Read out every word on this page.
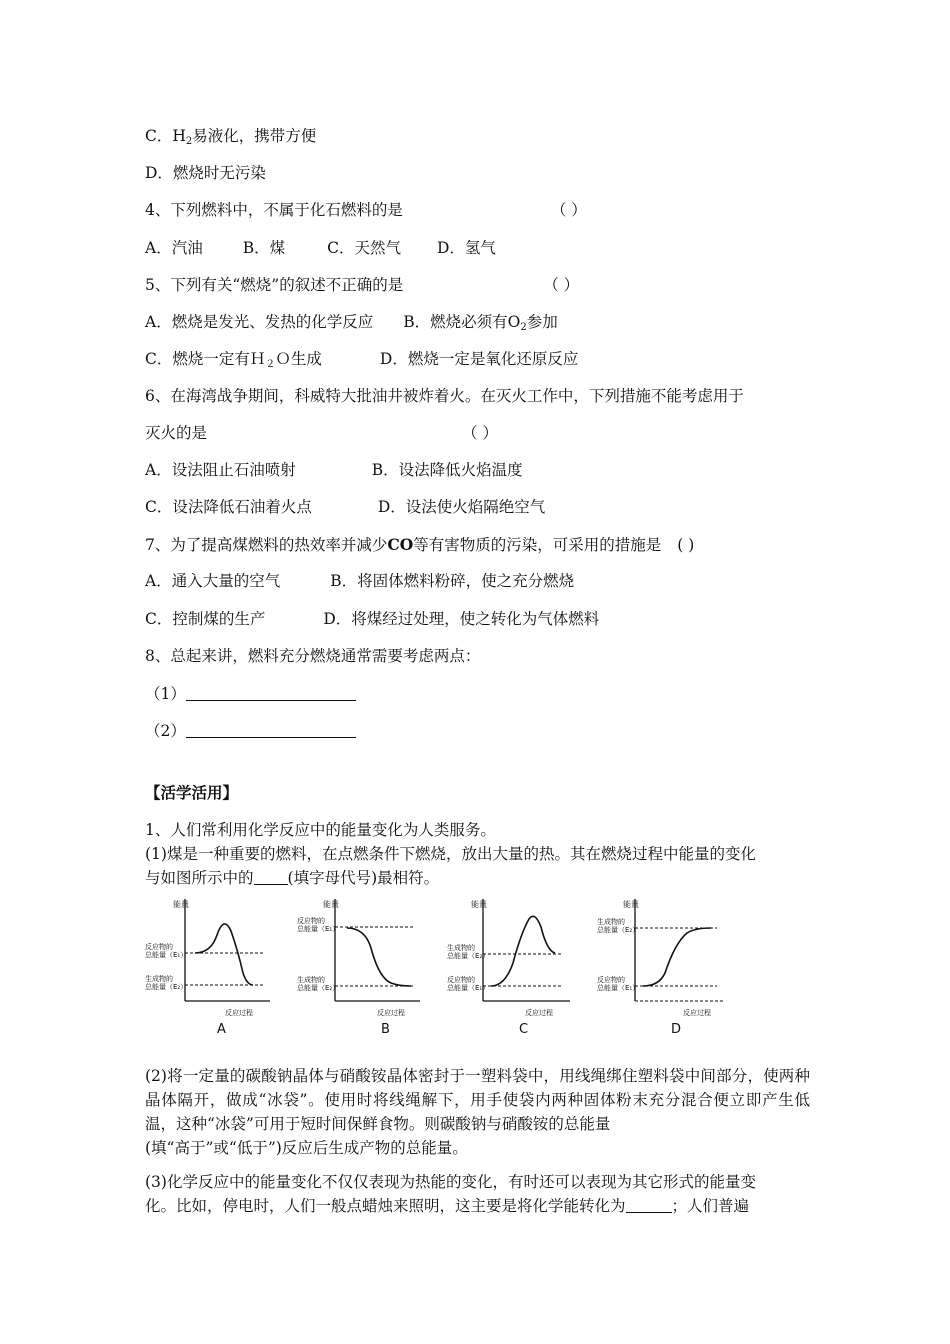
C．$H_2$易液化，携带方便
D．燃烧时无污染
4、下列燃料中，不属于化石燃料的是	（ ）
A．汽油	B．煤	C．天然气 D．氢气
5、下列有关“燃烧”的叙述不正确的是	（ ）
A．燃烧是发光、发热的化学反应 B．燃烧必须有$O_2$参加
C．燃烧一定有Ｈ$_2$Ｏ生成	D．燃烧一定是氧化还原反应
6、在海湾战争期间，科威特大批油井被炸着火。在灭火工作中，下列措施不能考虑用于
灭火的是	（ ）
A．设法阻止石油喷射	B．设法降低火焰温度
C．设法降低石油着火点	D．设法使火焰隔绝空气
7、为了提高煤燃料的热效率并减少CO等有害物质的污染，可采用的措施是 ( )
A．通入大量的空气	B．将固体燃料粉碎，使之充分燃烧
C．控制煤的生产	D．将煤经过处理，使之转化为气体燃料
8、总起来讲，燃料充分燃烧通常需要考虑两点：
（1）
（2）
【活学活用】
1、人们常利用化学反应中的能量变化为人类服务。
(1)煤是一种重要的燃料，在点燃条件下燃烧，放出大量的热。其在燃烧过程中能量的变化
与如图所示中的 (填字母代号)最相符。
能量
反应物的
总能量（E₁）
生成物的
总能量（E₂）
反应过程
A
能量
反应物的
总能量（E₁）
生成物的
总能量（E₂）
反应过程
B
能量
生成物的
总能量（E₂）
反应物的
总能量（E₁）
反应过程
C
能量
生成物的
总能量（E₂）
反应物的
总能量（E₁）
反应过程
D

(2)将一定量的碳酸钠晶体与硝酸铵晶体密封于一塑料袋中，用线绳绑住塑料袋中间部分，使两种晶体隔开，做成“冰袋”。使用时将线绳解下，用手使袋内两种固体粉末充分混合便立即产生低温，这种“冰袋”可用于短时间保鲜食物。则碳酸钠与硝酸铵的总能量

(填“高于”或“低于”)反应后生成产物的总能量。

(3)化学反应中的能量变化不仅仅表现为热能的变化，有时还可以表现为其它形式的能量变
化。比如，停电时，人们一般点蜡烛来照明，这主要是将化学能转化为	；人们普遍
